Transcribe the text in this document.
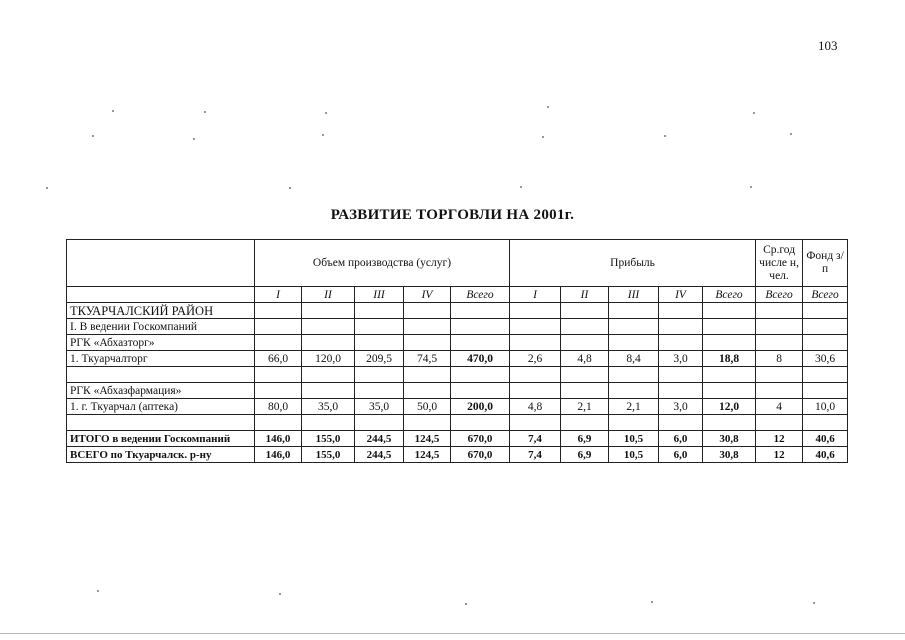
103
РАЗВИТИЕ ТОРГОВЛИ НА 2001г.
	Объем производства (услуг)					Прибыль					Ср.год числе н, чел.	Фонд з/п
	I	II	III	IV	Всего	I	II	III	IV	Всего	Всего	Всего
ТКУАРЧАЛСКИЙ РАЙОН												
I. В ведении Госкомпаний												
РГК «Абхазторг»												
1. Ткуарчалторг	66,0	120,0	209,5	74,5	470,0	2,6	4,8	8,4	3,0	18,8	8	30,6

РГК «Абхазфармация»												
1. г. Ткуарчал (аптека)	80,0	35,0	35,0	50,0	200,0	4,8	2,1	2,1	3,0	12,0	4	10,0

ИТОГО в ведении Госкомпаний	146,0	155,0	244,5	124,5	670,0	7,4	6,9	10,5	6,0	30,8	12	40,6
ВСЕГО по Ткуарчалск. р-ну	146,0	155,0	244,5	124,5	670,0	7,4	6,9	10,5	6,0	30,8	12	40,6
